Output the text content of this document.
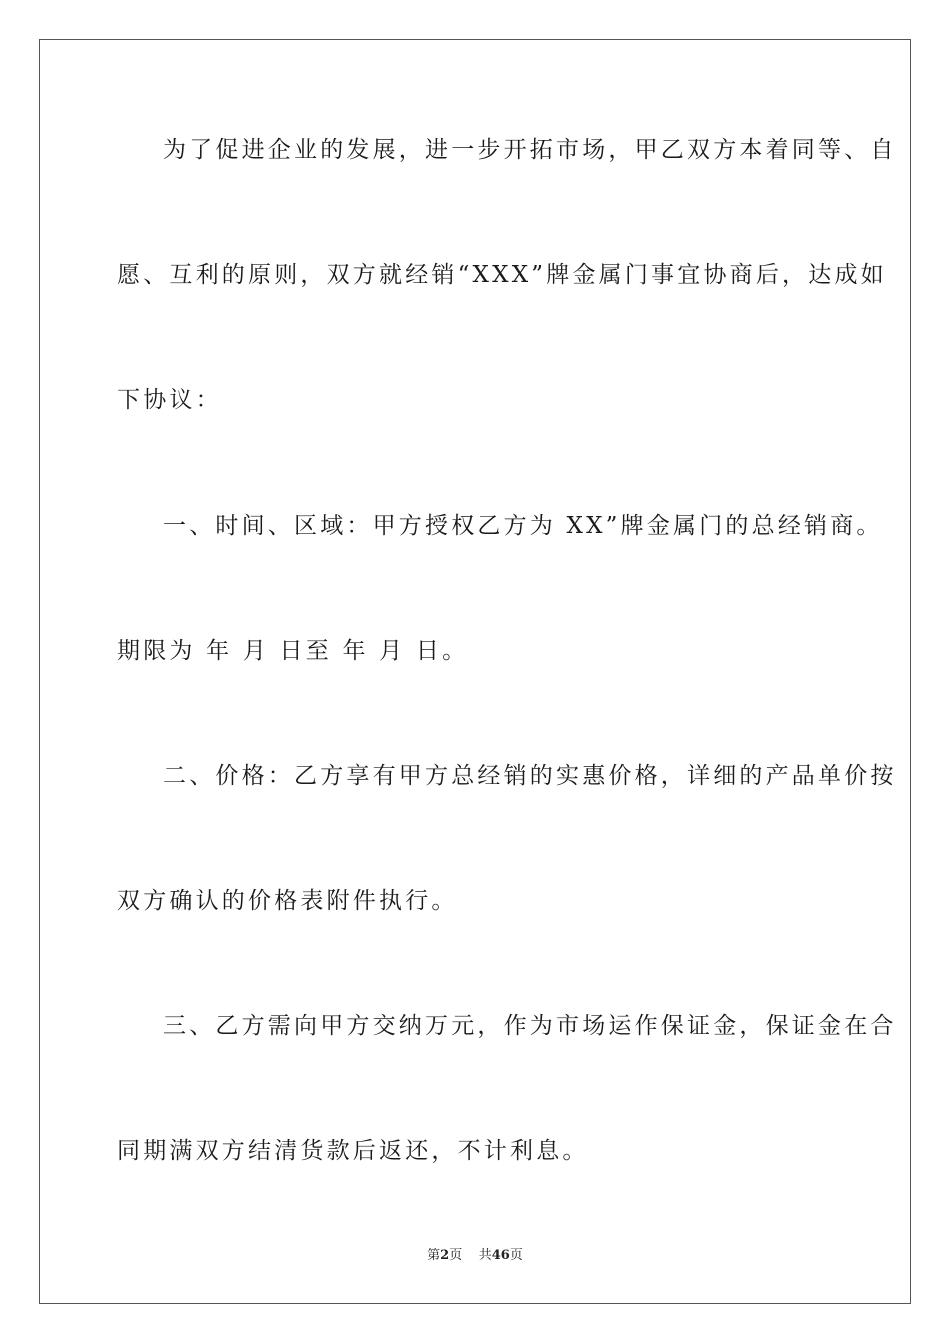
为了促进企业的发展，进一步开拓市场，甲乙双方本着同等、自
愿、互利的原则，双方就经销“XXX”牌金属门事宜协商后，达成如
下协议：
一、时间、区域：甲方授权乙方为 XX”牌金属门的总经销商。
期限为 年 月 日至 年 月 日。
二、价格：乙方享有甲方总经销的实惠价格，详细的产品单价按
双方确认的价格表附件执行。
三、乙方需向甲方交纳万元，作为市场运作保证金，保证金在合
同期满双方结清货款后返还，不计利息。
第2页 共46页
